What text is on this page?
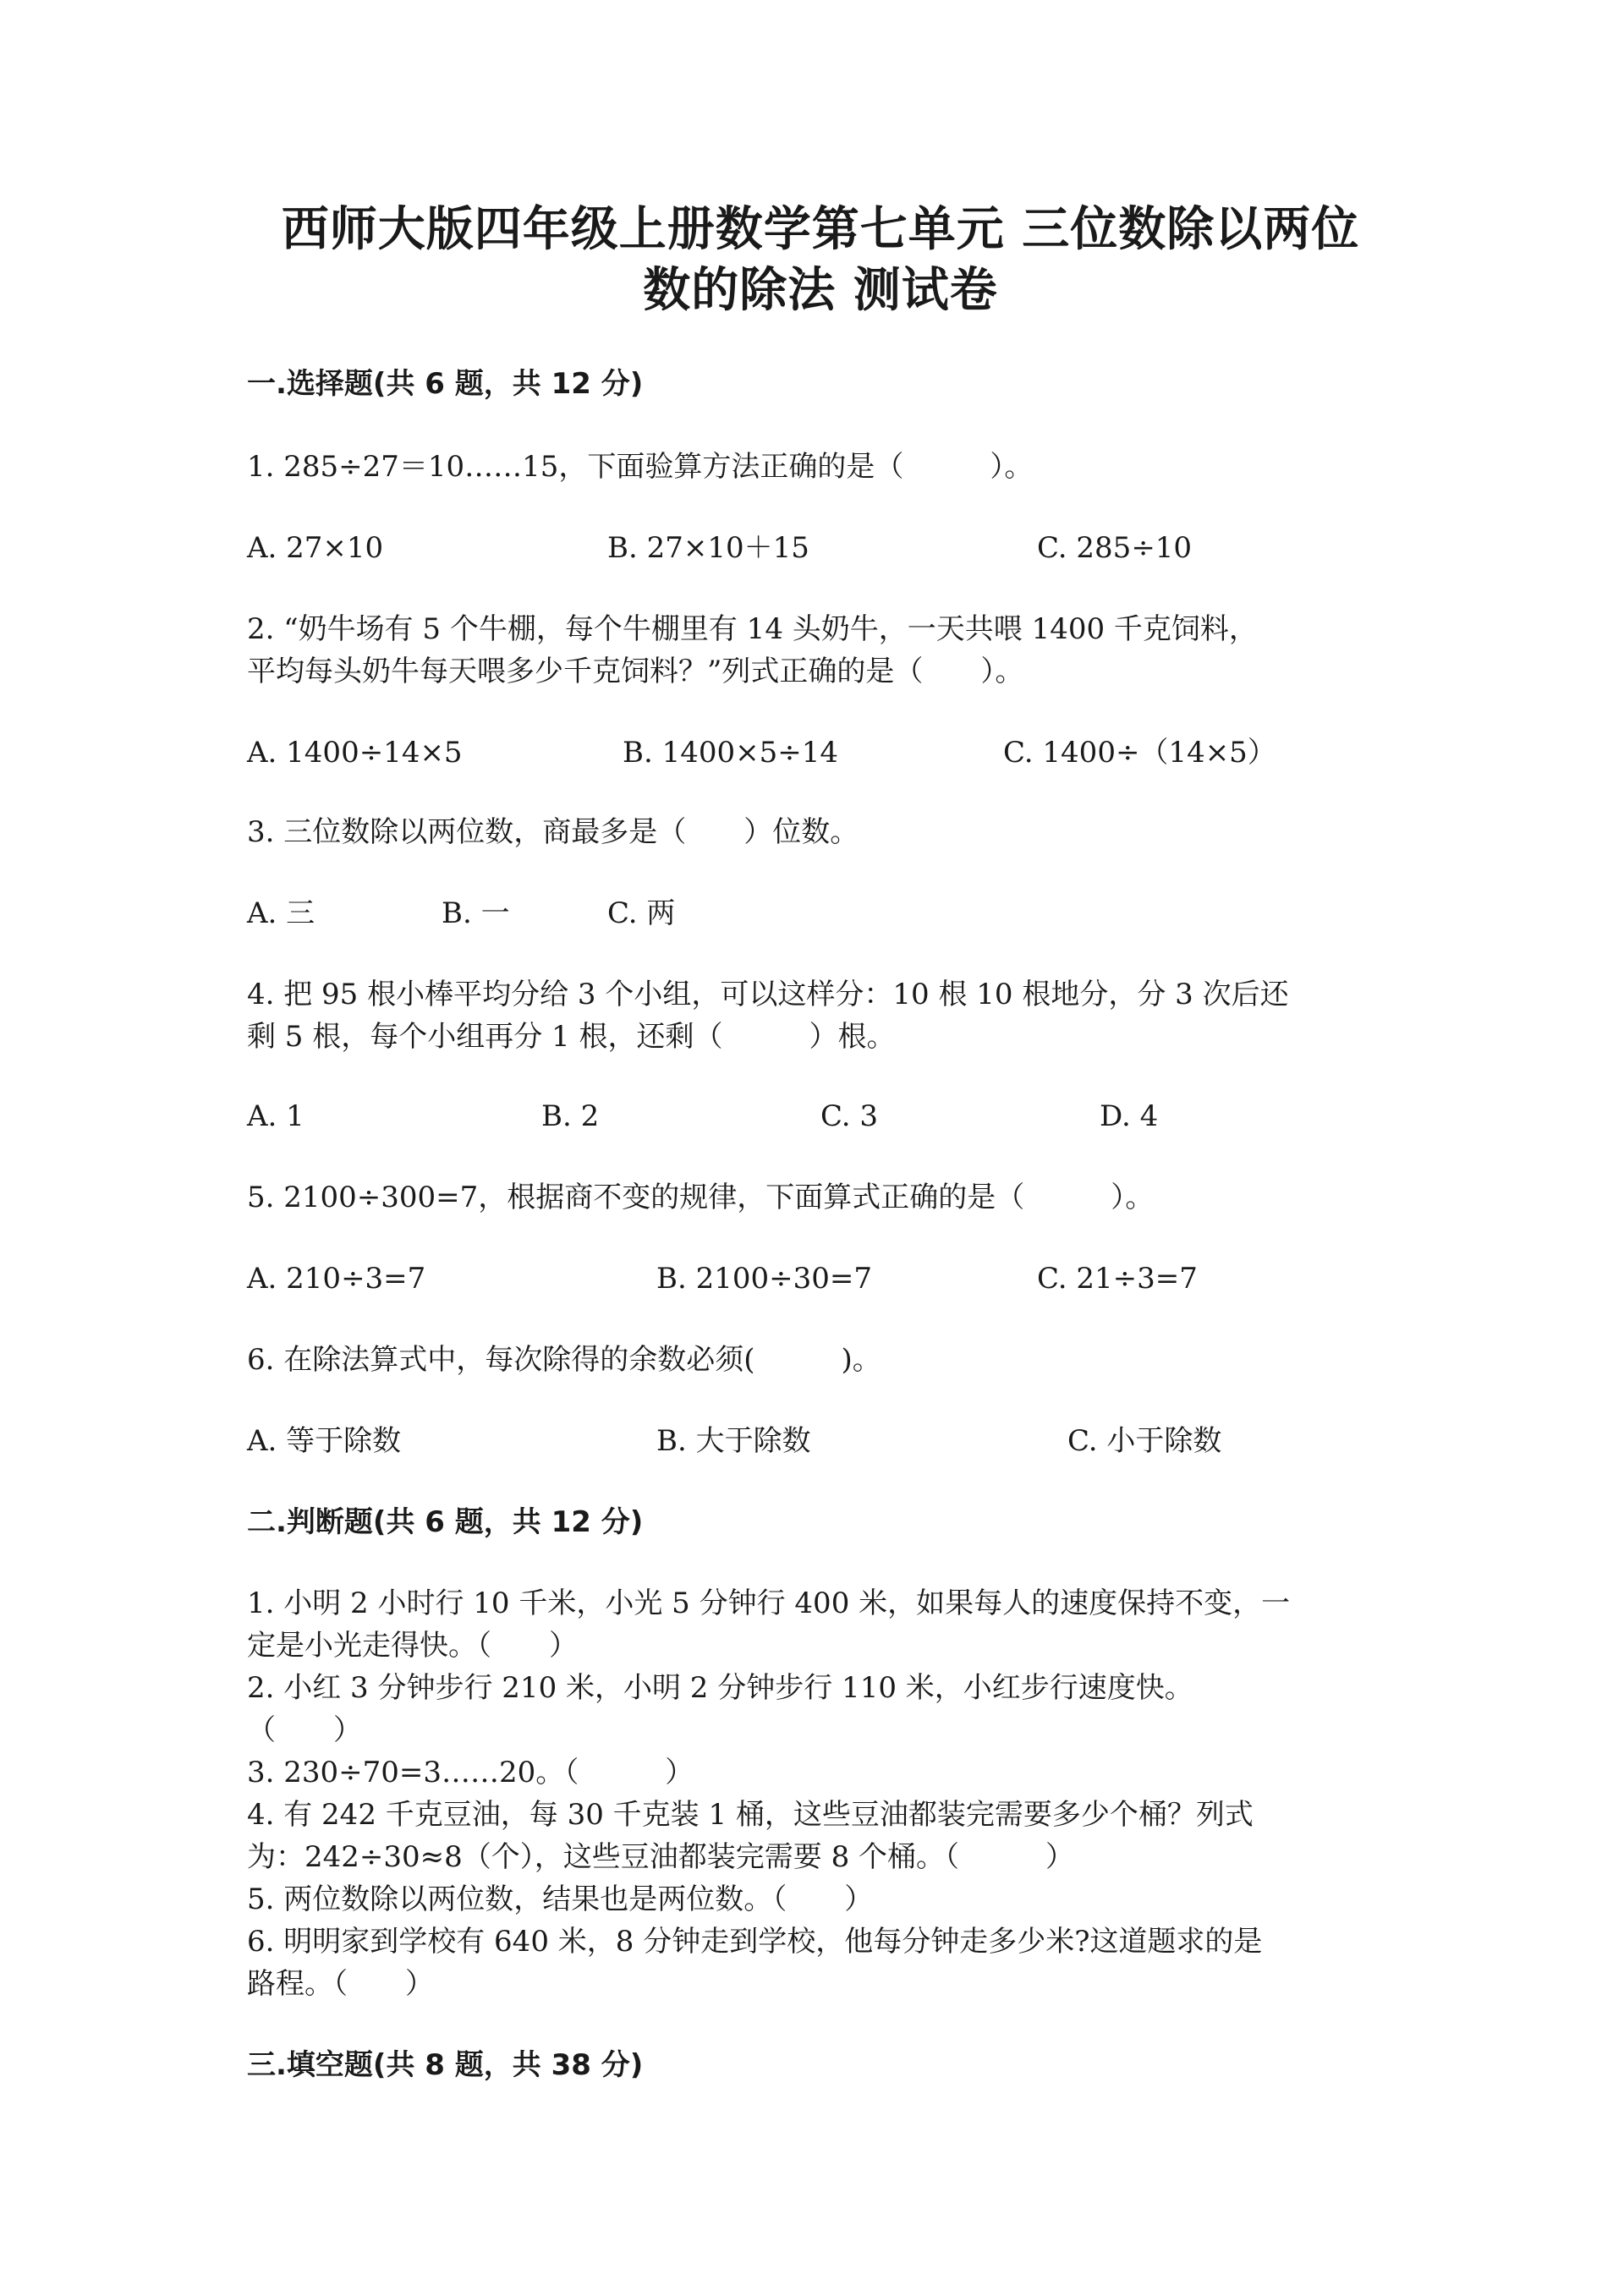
西师大版四年级上册数学第七单元 三位数除以两位
数的除法 测试卷
一.选择题(共 6 题，共 12 分)
1. 285÷27＝10……15，下面验算方法正确的是（　　　）。
A. 27×10	B. 27×10＋15	C. 285÷10
2. “奶牛场有 5 个牛棚，每个牛棚里有 14 头奶牛，一天共喂 1400 千克饲料，
平均每头奶牛每天喂多少千克饲料？”列式正确的是（　　）。
A. 1400÷14×5	B. 1400×5÷14	C. 1400÷（14×5）
3. 三位数除以两位数，商最多是（　　）位数。
A. 三	B. 一	C. 两
4. 把 95 根小棒平均分给 3 个小组，可以这样分：10 根 10 根地分，分 3 次后还
剩 5 根，每个小组再分 1 根，还剩（　　　）根。
A. 1	B. 2	C. 3	D. 4
5. 2100÷300=7，根据商不变的规律，下面算式正确的是（　　　）。
A. 210÷3=7	B. 2100÷30=7	C. 21÷3=7
6. 在除法算式中，每次除得的余数必须(　　　)。
A. 等于除数	B. 大于除数	C. 小于除数
二.判断题(共 6 题，共 12 分)
1. 小明 2 小时行 10 千米，小光 5 分钟行 400 米，如果每人的速度保持不变，一
定是小光走得快。（　　）
2. 小红 3 分钟步行 210 米，小明 2 分钟步行 110 米，小红步行速度快。
（　　）
3. 230÷70=3……20。（　　　）
4. 有 242 千克豆油，每 30 千克装 1 桶，这些豆油都装完需要多少个桶？列式
为：242÷30≈8（个），这些豆油都装完需要 8 个桶。（　　　）
5. 两位数除以两位数，结果也是两位数。（　　）
6. 明明家到学校有 640 米，8 分钟走到学校，他每分钟走多少米?这道题求的是
路程。（　　）
三.填空题(共 8 题，共 38 分)
